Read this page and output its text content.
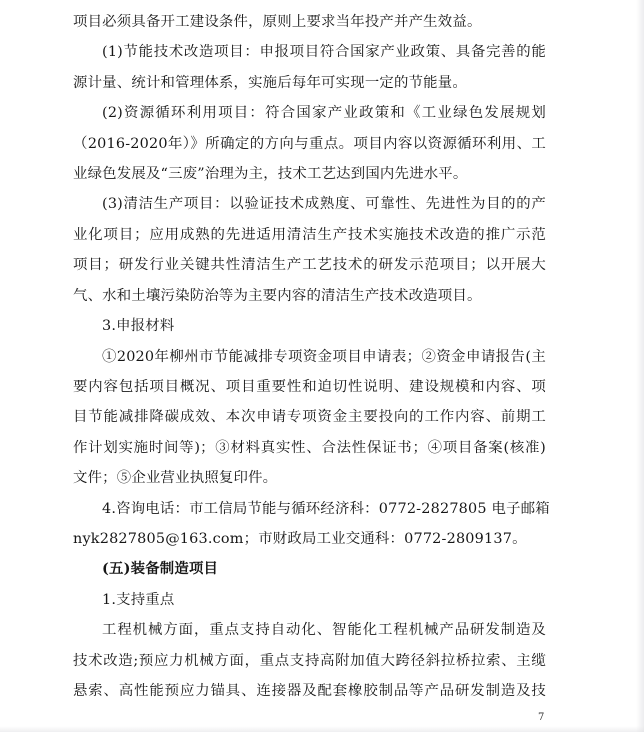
项目必须具备开工建设条件，原则上要求当年投产并产生效益。
(1)节能技术改造项目：申报项目符合国家产业政策、具备完善的能
源计量、统计和管理体系，实施后每年可实现一定的节能量。
(2)资源循环利用项目：符合国家产业政策和《工业绿色发展规划
（2016-2020年）》所确定的方向与重点。项目内容以资源循环利用、工
业绿色发展及“三废”治理为主，技术工艺达到国内先进水平。
(3)清洁生产项目：以验证技术成熟度、可靠性、先进性为目的的产
业化项目；应用成熟的先进适用清洁生产技术实施技术改造的推广示范
项目；研发行业关键共性清洁生产工艺技术的研发示范项目；以开展大
气、水和土壤污染防治等为主要内容的清洁生产技术改造项目。
3.申报材料
①2020年柳州市节能减排专项资金项目申请表；②资金申请报告(主
要内容包括项目概况、项目重要性和迫切性说明、建设规模和内容、项
目节能减排降碳成效、本次申请专项资金主要投向的工作内容、前期工
作计划实施时间等)；③材料真实性、合法性保证书；④项目备案(核准)
文件；⑤企业营业执照复印件。
4.咨询电话：市工信局节能与循环经济科：0772-2827805 电子邮箱
nyk2827805@163.com；市财政局工业交通科：0772-2809137。
(五)装备制造项目
1.支持重点
工程机械方面，重点支持自动化、智能化工程机械产品研发制造及
技术改造;预应力机械方面，重点支持高附加值大跨径斜拉桥拉索、主缆
悬索、高性能预应力锚具、连接器及配套橡胶制品等产品研发制造及技
7
